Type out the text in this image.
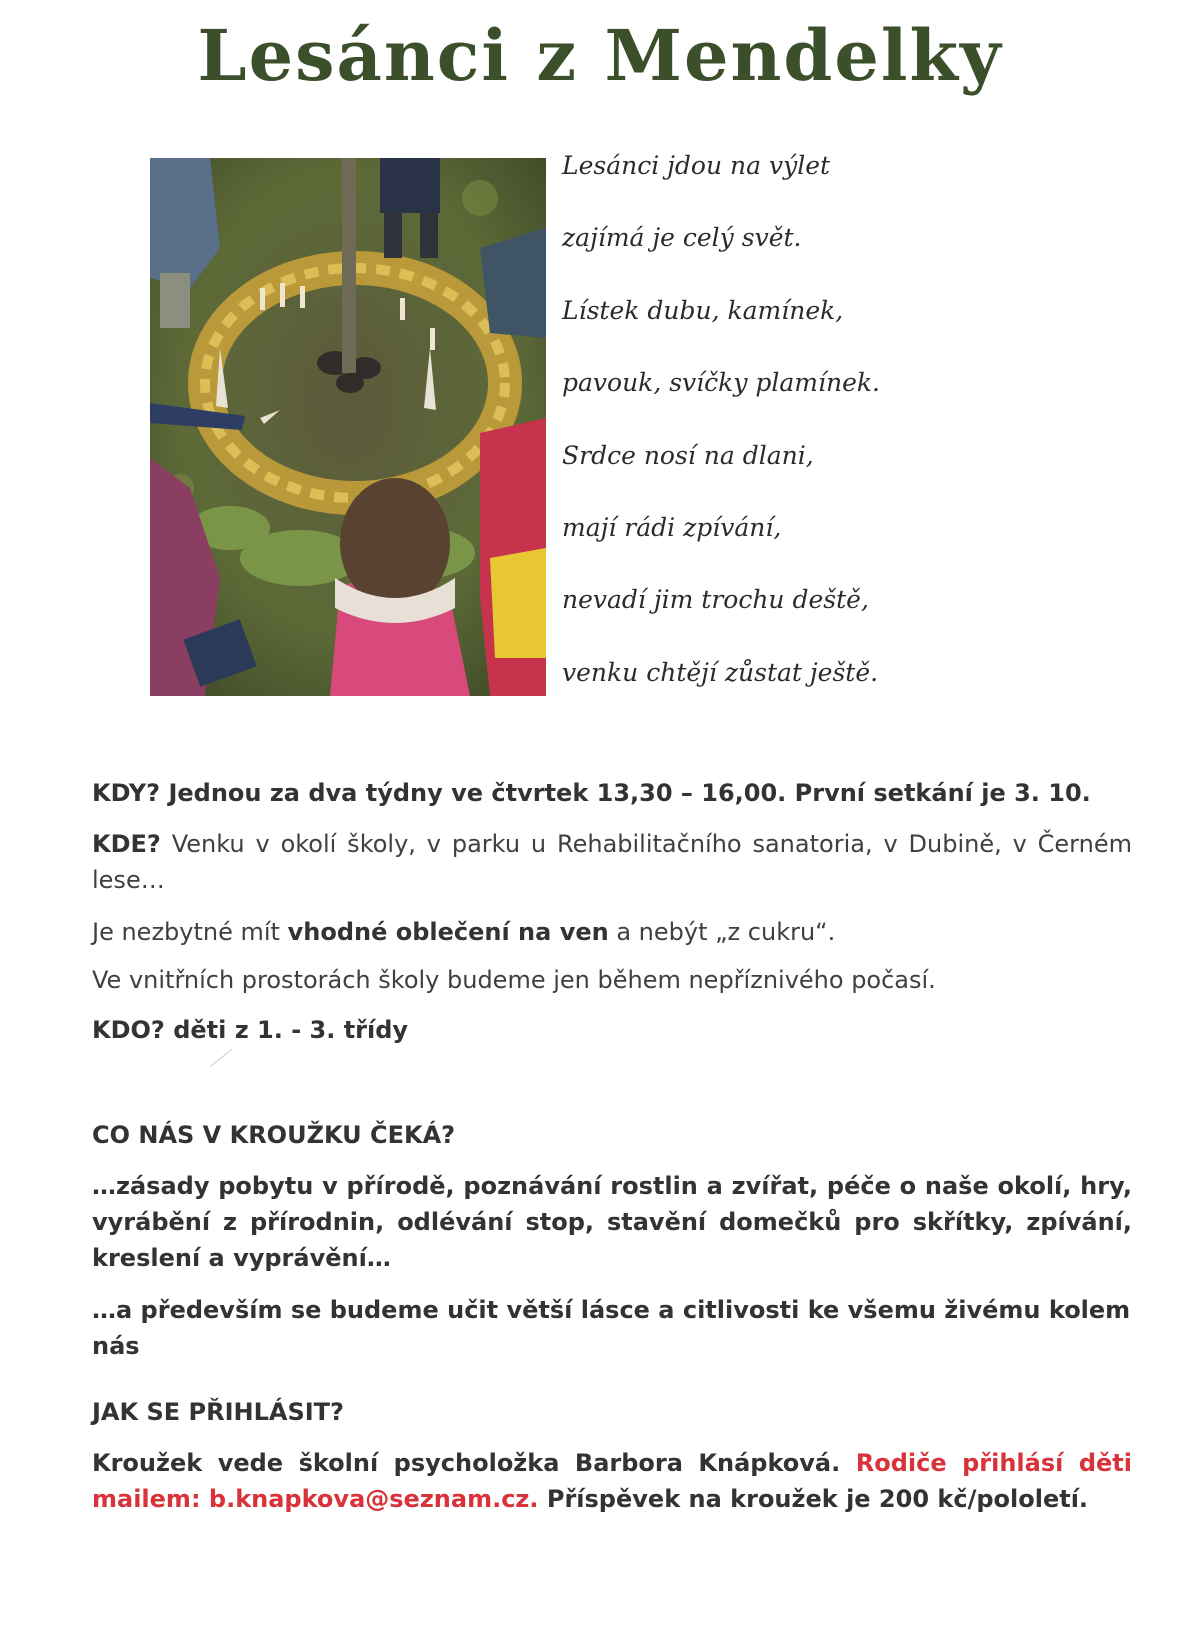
Lesánci z Mendelky
Lesánci jdou na výlet
zajímá je celý svět.
Lístek dubu, kamínek,
pavouk, svíčky plamínek.
Srdce nosí na dlani,
mají rádi zpívání,
nevadí jim trochu deště,
venku chtějí zůstat ještě.
KDY? Jednou za dva týdny ve čtvrtek 13,30 – 16,00. První setkání je 3. 10.
KDE? Venku v okolí školy, v parku u Rehabilitačního sanatoria, v Dubině, v Černém lese…
Je nezbytné mít vhodné oblečení na ven a nebýt „z cukru“.
Ve vnitřních prostorách školy budeme jen během nepříznivého počasí.
KDO? děti z 1. - 3. třídy
CO NÁS V KROUŽKU ČEKÁ?
…zásady pobytu v přírodě, poznávání rostlin a zvířat, péče o naše okolí, hry, vyrábění z přírodnin, odlévání stop, stavění domečků pro skřítky, zpívání, kreslení a vyprávění…
…a především se budeme učit větší lásce a citlivosti ke všemu živému kolem nás
JAK SE PŘIHLÁSIT?
Kroužek vede školní psycholožka Barbora Knápková. Rodiče přihlásí děti mailem: b.knapkova@seznam.cz. Příspěvek na kroužek je 200 kč/pololetí.
